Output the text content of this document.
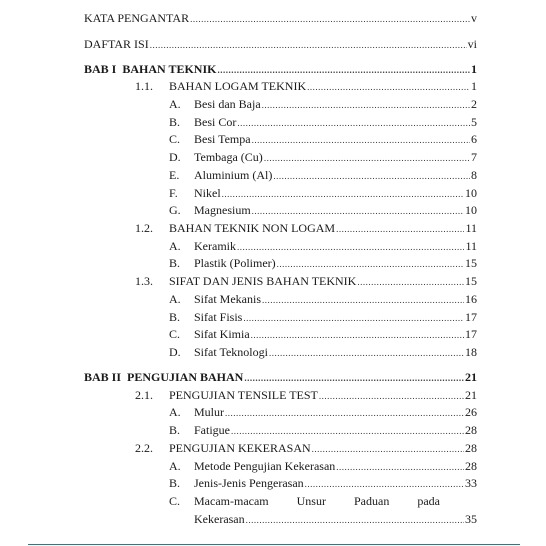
KATA PENGANTAR .....	v
DAFTAR ISI .....	vi
BAB I  BAHAN TEKNIK .....	1
1.1. BAHAN LOGAM TEKNIK .....	1
A. Besi dan Baja .....	2
B. Besi Cor .....	5
C. Besi Tempa .....	6
D. Tembaga (Cu) .....	7
E. Aluminium (Al) .....	8
F. Nikel .....	10
G. Magnesium .....	10
1.2. BAHAN TEKNIK NON LOGAM .....	11
A. Keramik .....	11
B. Plastik (Polimer) .....	15
1.3. SIFAT DAN JENIS BAHAN TEKNIK .....	15
A. Sifat Mekanis .....	16
B. Sifat Fisis .....	17
C. Sifat Kimia .....	17
D. Sifat Teknologi .....	18
BAB II  PENGUJIAN BAHAN .....	21
2.1. PENGUJIAN TENSILE TEST .....	21
A. Mulur .....	26
B. Fatigue .....	28
2.2. PENGUJIAN KEKERASAN .....	28
A. Metode Pengujian Kekerasan .....	28
B. Jenis-Jenis Pengerasan .....	33
C. Macam-macam Unsur Paduan pada
Kekerasan .....	35
